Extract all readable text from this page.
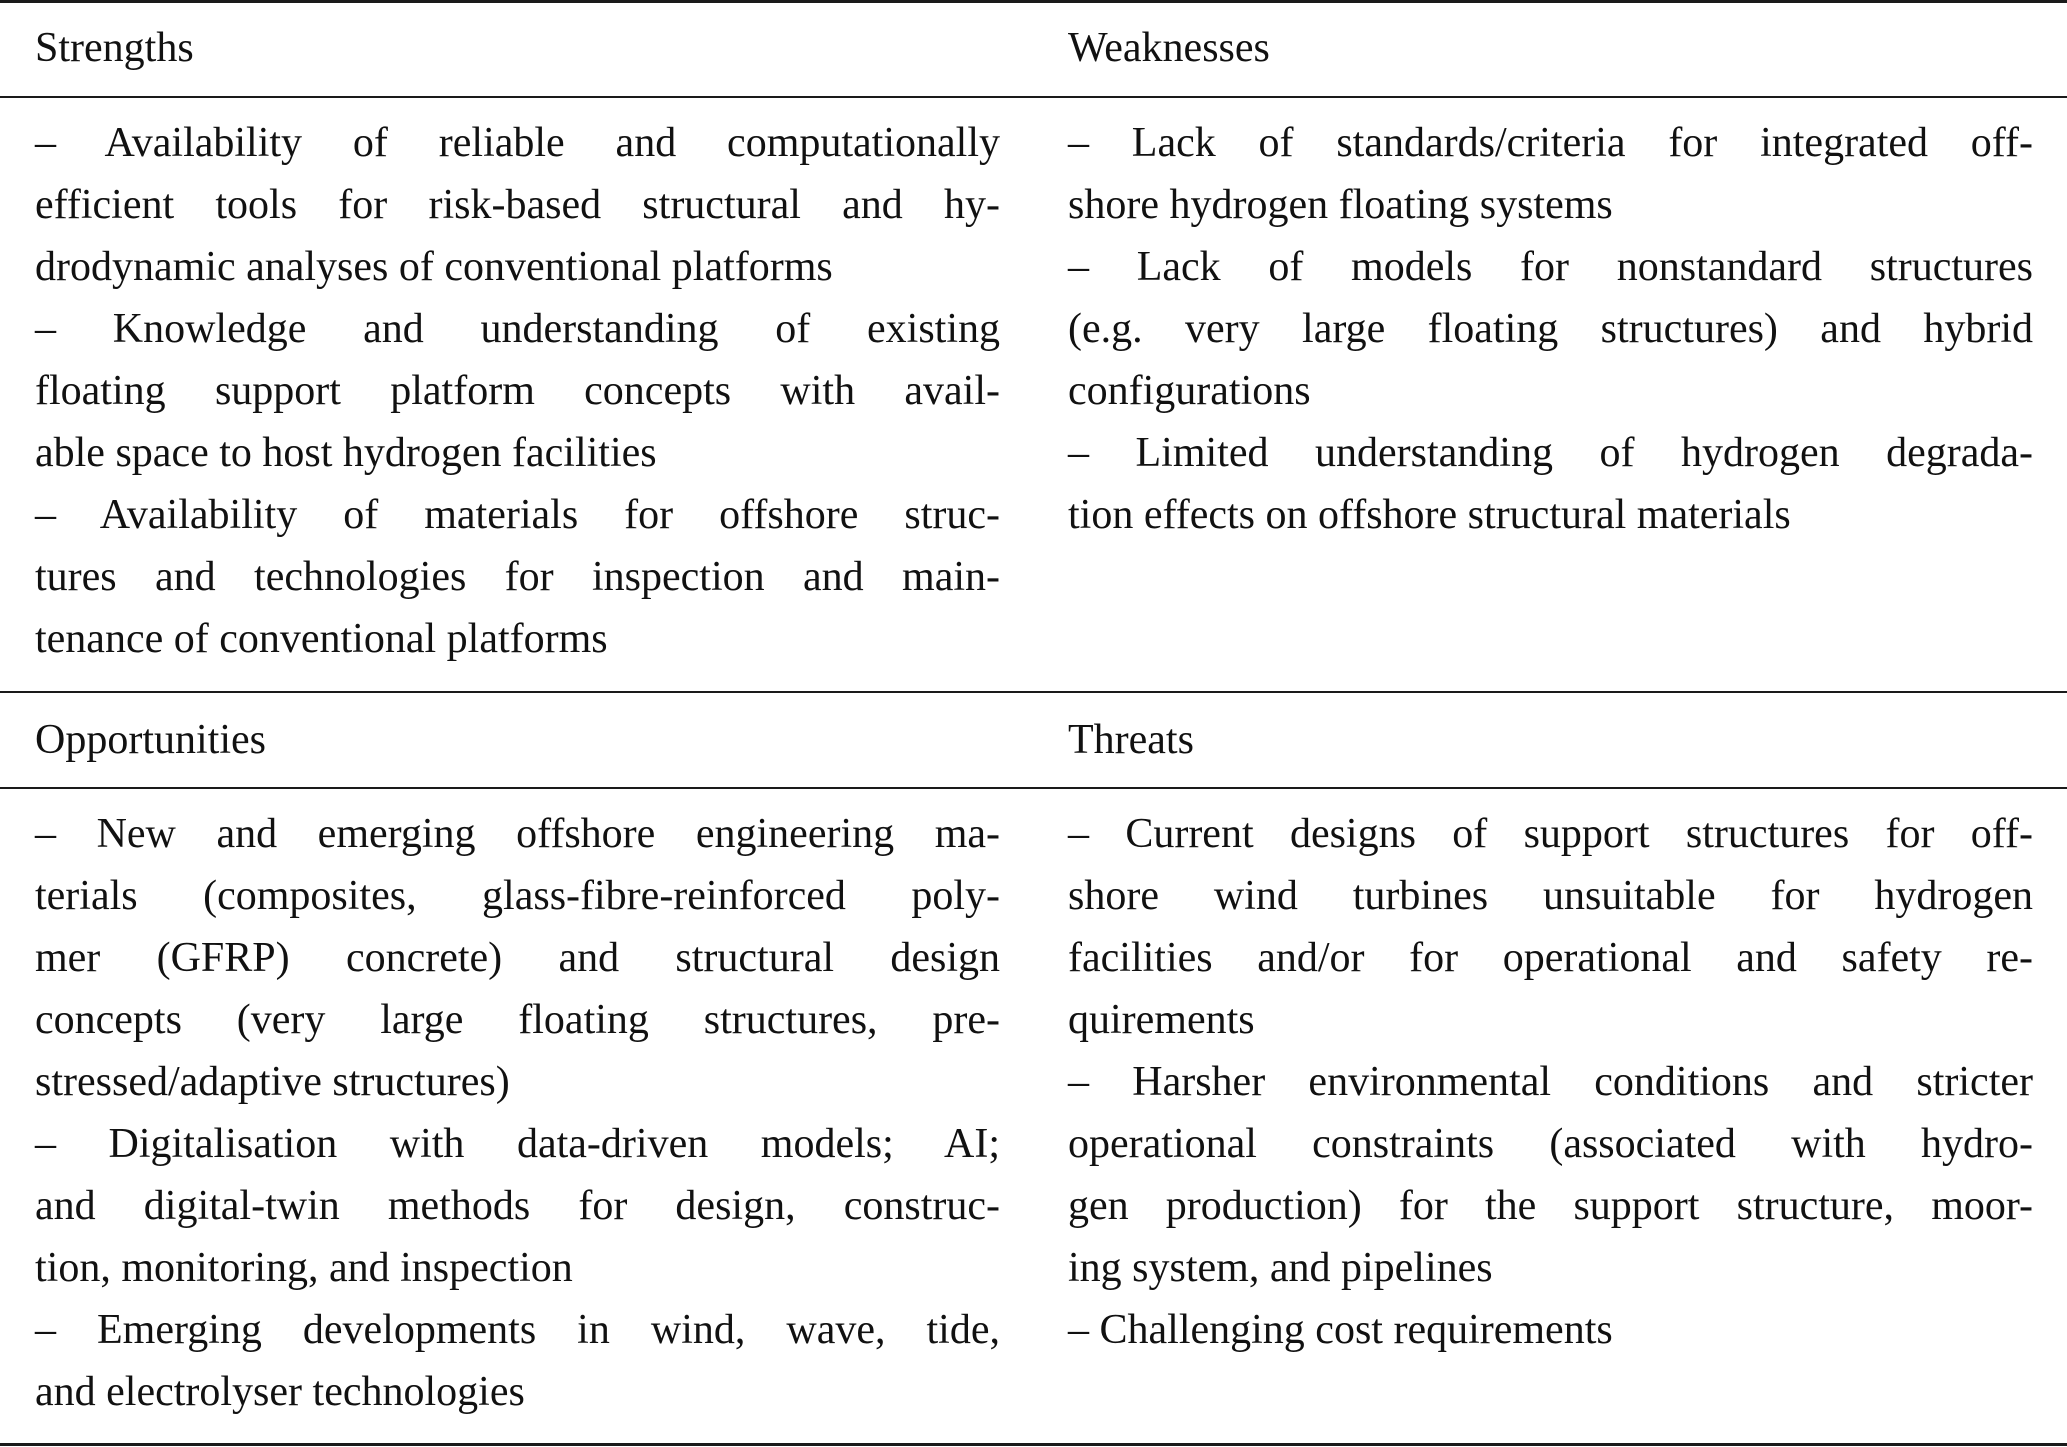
Strengths	Weaknesses
– Availability of reliable and computationally
efficient tools for risk-based structural and hy-
drodynamic analyses of conventional platforms
– Knowledge and understanding of existing
floating support platform concepts with avail-
able space to host hydrogen facilities
– Availability of materials for offshore struc-
tures and technologies for inspection and main-
tenance of conventional platforms
– Lack of standards/criteria for integrated off-
shore hydrogen floating systems
– Lack of models for nonstandard structures
(e.g. very large floating structures) and hybrid
configurations
– Limited understanding of hydrogen degrada-
tion effects on offshore structural materials
Opportunities	Threats
– New and emerging offshore engineering ma-
terials (composites, glass-fibre-reinforced poly-
mer (GFRP) concrete) and structural design
concepts (very large floating structures, pre-
stressed/adaptive structures)
– Digitalisation with data-driven models; AI;
and digital-twin methods for design, construc-
tion, monitoring, and inspection
– Emerging developments in wind, wave, tide,
and electrolyser technologies
– Current designs of support structures for off-
shore wind turbines unsuitable for hydrogen
facilities and/or for operational and safety re-
quirements
– Harsher environmental conditions and stricter
operational constraints (associated with hydro-
gen production) for the support structure, moor-
ing system, and pipelines
– Challenging cost requirements
